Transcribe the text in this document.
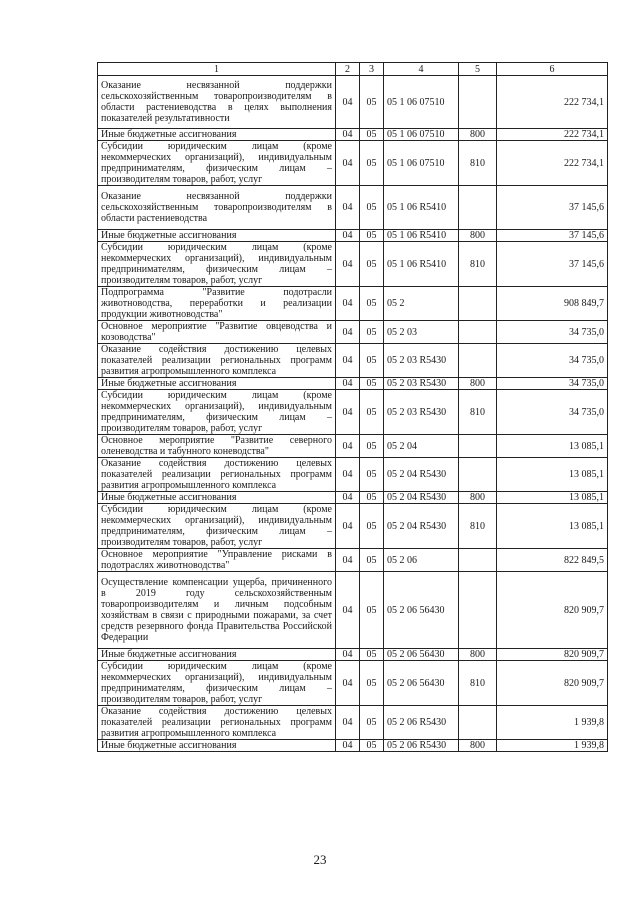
1	2	3	4	5	6
Оказание несвязанной поддержки сельскохозяйственным товаропроизводителям в области растениеводства в целях выполнения показателей результативности	04	05	05 1 06 07510		222 734,1
Иные бюджетные ассигнования	04	05	05 1 06 07510	800	222 734,1
Субсидии юридическим лицам (кроме некоммерческих организаций), индивидуальным предпринимателям, физическим лицам – производителям товаров, работ, услуг	04	05	05 1 06 07510	810	222 734,1
Оказание несвязанной поддержки сельскохозяйственным товаропроизводителям в области растениеводства	04	05	05 1 06 R5410		37 145,6
Иные бюджетные ассигнования	04	05	05 1 06 R5410	800	37 145,6
Субсидии юридическим лицам (кроме некоммерческих организаций), индивидуальным предпринимателям, физическим лицам – производителям товаров, работ, услуг	04	05	05 1 06 R5410	810	37 145,6
Подпрограмма "Развитие подотрасли животноводства, переработки и реализации продукции животноводства"	04	05	05 2		908 849,7
Основное мероприятие "Развитие овцеводства и козоводства"	04	05	05 2 03		34 735,0
Оказание содействия достижению целевых показателей реализации региональных программ развития агропромышленного комплекса	04	05	05 2 03 R5430		34 735,0
Иные бюджетные ассигнования	04	05	05 2 03 R5430	800	34 735,0
Субсидии юридическим лицам (кроме некоммерческих организаций), индивидуальным предпринимателям, физическим лицам – производителям товаров, работ, услуг	04	05	05 2 03 R5430	810	34 735,0
Основное мероприятие "Развитие северного оленеводства и табунного коневодства"	04	05	05 2 04		13 085,1
Оказание содействия достижению целевых показателей реализации региональных программ развития агропромышленного комплекса	04	05	05 2 04 R5430		13 085,1
Иные бюджетные ассигнования	04	05	05 2 04 R5430	800	13 085,1
Субсидии юридическим лицам (кроме некоммерческих организаций), индивидуальным предпринимателям, физическим лицам – производителям товаров, работ, услуг	04	05	05 2 04 R5430	810	13 085,1
Основное мероприятие "Управление рисками в подотраслях животноводства"	04	05	05 2 06		822 849,5
Осуществление компенсации ущерба, причиненного в 2019 году сельскохозяйственным товаропроизводителям и личным подсобным хозяйствам в связи с природными пожарами, за счет средств резервного фонда Правительства Российской Федерации	04	05	05 2 06 56430		820 909,7
Иные бюджетные ассигнования	04	05	05 2 06 56430	800	820 909,7
Субсидии юридическим лицам (кроме некоммерческих организаций), индивидуальным предпринимателям, физическим лицам – производителям товаров, работ, услуг	04	05	05 2 06 56430	810	820 909,7
Оказание содействия достижению целевых показателей реализации региональных программ развития агропромышленного комплекса	04	05	05 2 06 R5430		1 939,8
Иные бюджетные ассигнования	04	05	05 2 06 R5430	800	1 939,8
23
